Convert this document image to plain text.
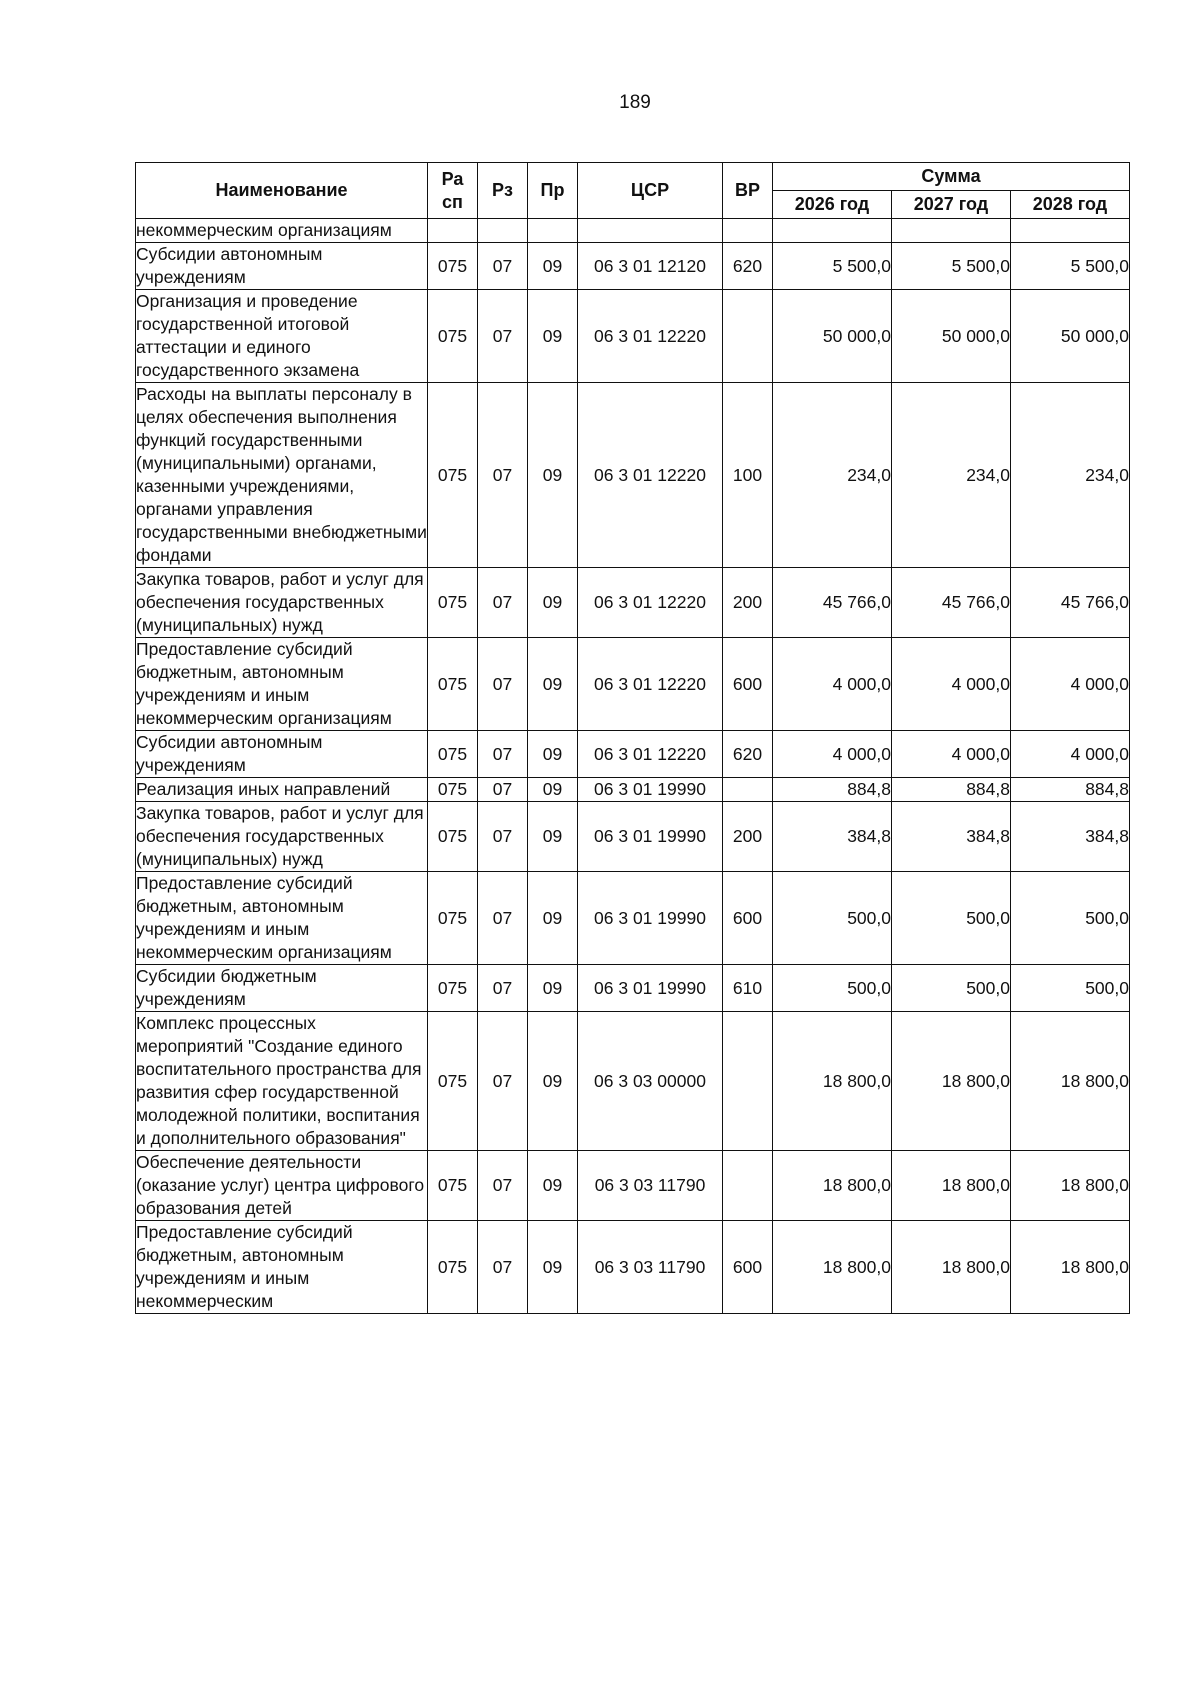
189
Наименование	Ра сп	Рз	Пр	ЦСР	ВР	Сумма		
						2026 год	2027 год	2028 год
некоммерческим организациям								
Субсидии автономным учреждениям	075	07	09	06 3 01 12120	620	5 500,0	5 500,0	5 500,0
Организация и проведение государственной итоговой аттестации и единого государственного экзамена	075	07	09	06 3 01 12220		50 000,0	50 000,0	50 000,0
Расходы на выплаты персоналу в целях обеспечения выполнения функций государственными (муниципальными) органами, казенными учреждениями, органами управления государственными внебюджетными фондами	075	07	09	06 3 01 12220	100	234,0	234,0	234,0
Закупка товаров, работ и услуг для обеспечения государственных (муниципальных) нужд	075	07	09	06 3 01 12220	200	45 766,0	45 766,0	45 766,0
Предоставление субсидий бюджетным, автономным учреждениям и иным некоммерческим организациям	075	07	09	06 3 01 12220	600	4 000,0	4 000,0	4 000,0
Субсидии автономным учреждениям	075	07	09	06 3 01 12220	620	4 000,0	4 000,0	4 000,0
Реализация иных направлений	075	07	09	06 3 01 19990		884,8	884,8	884,8
Закупка товаров, работ и услуг для обеспечения государственных (муниципальных) нужд	075	07	09	06 3 01 19990	200	384,8	384,8	384,8
Предоставление субсидий бюджетным, автономным учреждениям и иным некоммерческим организациям	075	07	09	06 3 01 19990	600	500,0	500,0	500,0
Субсидии бюджетным учреждениям	075	07	09	06 3 01 19990	610	500,0	500,0	500,0
Комплекс процессных мероприятий "Создание единого воспитательного пространства для развития сфер государственной молодежной политики, воспитания и дополнительного образования"	075	07	09	06 3 03 00000		18 800,0	18 800,0	18 800,0
Обеспечение деятельности (оказание услуг) центра цифрового образования детей	075	07	09	06 3 03 11790		18 800,0	18 800,0	18 800,0
Предоставление субсидий бюджетным, автономным учреждениям и иным некоммерческим	075	07	09	06 3 03 11790	600	18 800,0	18 800,0	18 800,0
